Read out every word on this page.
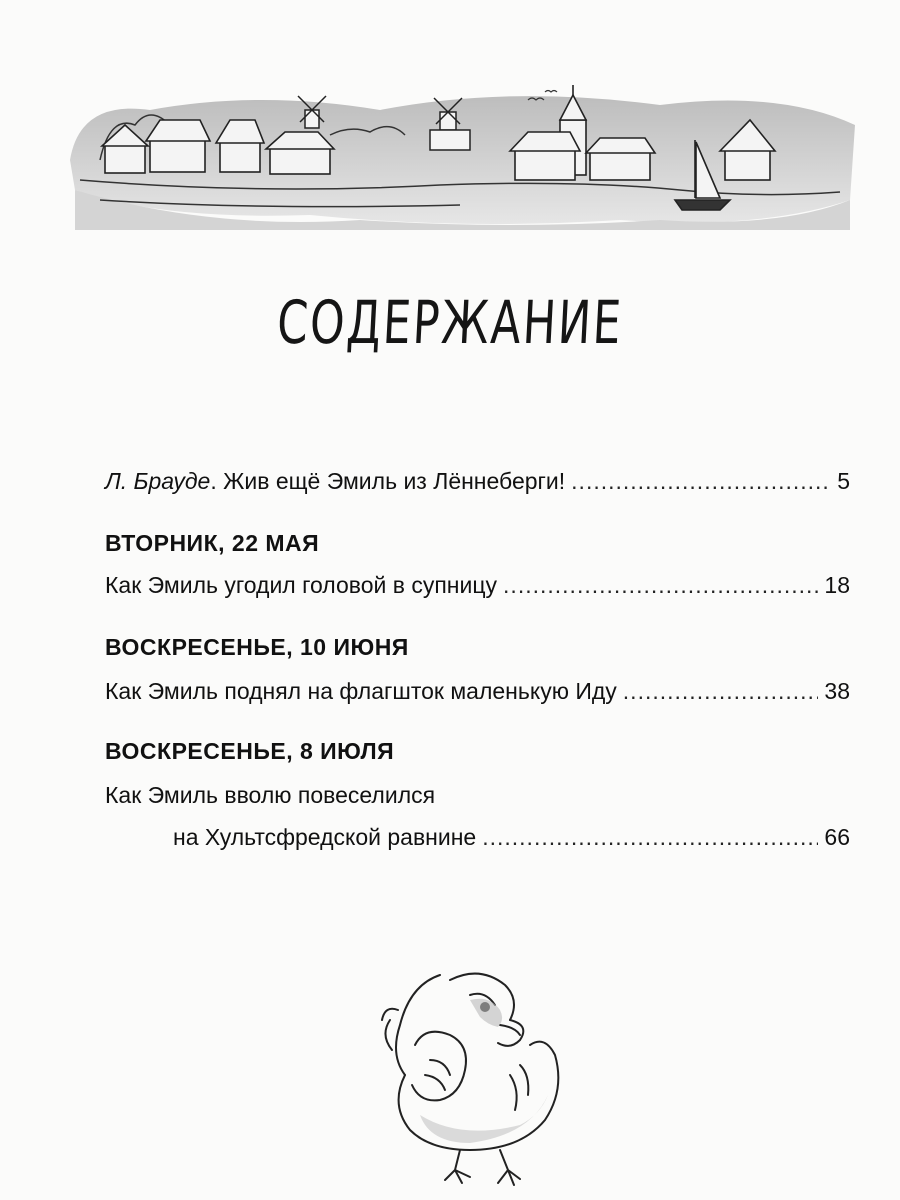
СОДЕРЖАНИЕ
Л. Брауде. Жив ещё Эмиль из Лённеберги! .....	5
ВТОРНИК, 22 МАЯ
Как Эмиль угодил головой в супницу .....	18
ВОСКРЕСЕНЬЕ, 10 ИЮНЯ
Как Эмиль поднял на флагшток маленькую Иду .....	38
ВОСКРЕСЕНЬЕ, 8 ИЮЛЯ
Как Эмиль вволю повеселился
на Хультсфредской равнине .....	66
